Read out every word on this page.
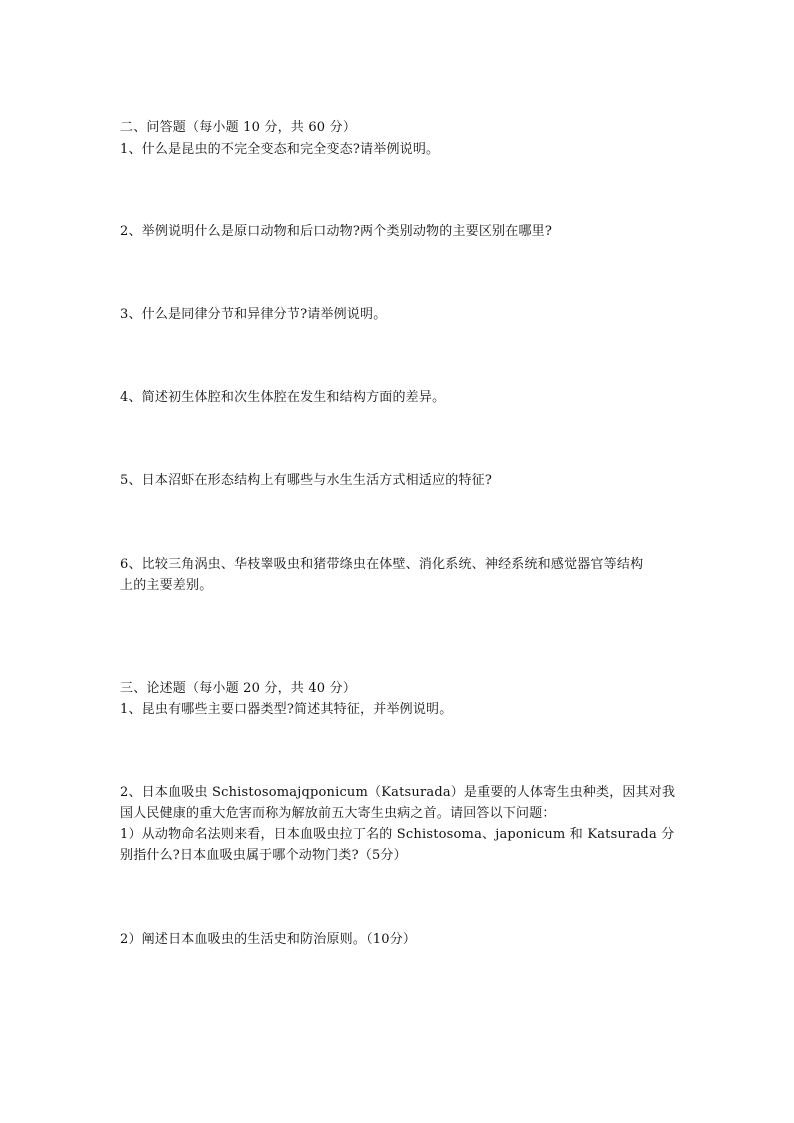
二、问答题（每小题 10 分，共 60 分）
1、什么是昆虫的不完全变态和完全变态?请举例说明。
2、举例说明什么是原口动物和后口动物?两个类别动物的主要区别在哪里?
3、什么是同律分节和异律分节?请举例说明。
4、简述初生体腔和次生体腔在发生和结构方面的差异。
5、日本沼虾在形态结构上有哪些与水生生活方式相适应的特征?
6、比较三角涡虫、华枝睾吸虫和猪带绦虫在体壁、消化系统、神经系统和感觉器官等结构
上的主要差别。
三、论述题（每小题 20 分，共 40 分）
1、昆虫有哪些主要口器类型?简述其特征，并举例说明。
2、日本血吸虫 Schistosomajqponicum（Katsurada）是重要的人体寄生虫种类，因其对我
国人民健康的重大危害而称为解放前五大寄生虫病之首。请回答以下问题：
1）从动物命名法则来看，日本血吸虫拉丁名的 Schistosoma、japonicum 和 Katsurada 分
别指什么?日本血吸虫属于哪个动物门类?（5分）
2）阐述日本血吸虫的生活史和防治原则。（10分）
